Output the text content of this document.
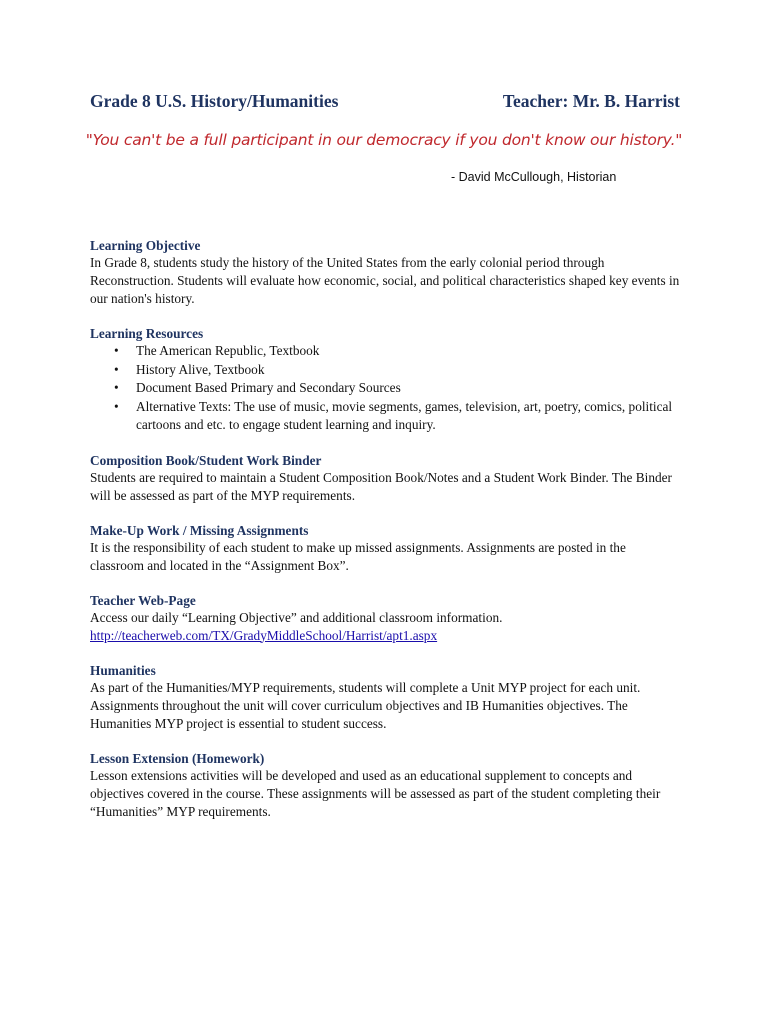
Grade 8 U.S. History/Humanities	Teacher: Mr. B. Harrist
"You can't be a full participant in our democracy if you don't know our history."
- David McCullough, Historian
Learning Objective
In Grade 8, students study the history of the United States from the early colonial period through Reconstruction. Students will evaluate how economic, social, and political characteristics shaped key events in our nation's history.
Learning Resources
• The American Republic, Textbook
• History Alive, Textbook
• Document Based Primary and Secondary Sources
• Alternative Texts: The use of music, movie segments, games, television, art, poetry, comics, political cartoons and etc. to engage student learning and inquiry.
Composition Book/Student Work Binder
Students are required to maintain a Student Composition Book/Notes and a Student Work Binder. The Binder will be assessed as part of the MYP requirements.
Make-Up Work / Missing Assignments
It is the responsibility of each student to make up missed assignments. Assignments are posted in the classroom and located in the “Assignment Box”.
Teacher Web-Page
Access our daily “Learning Objective” and additional classroom information.
http://teacherweb.com/TX/GradyMiddleSchool/Harrist/apt1.aspx
Humanities
As part of the Humanities/MYP requirements, students will complete a Unit MYP project for each unit. Assignments throughout the unit will cover curriculum objectives and IB Humanities objectives. The Humanities MYP project is essential to student success.
Lesson Extension (Homework)
Lesson extensions activities will be developed and used as an educational supplement to concepts and objectives covered in the course. These assignments will be assessed as part of the student completing their “Humanities” MYP requirements.
